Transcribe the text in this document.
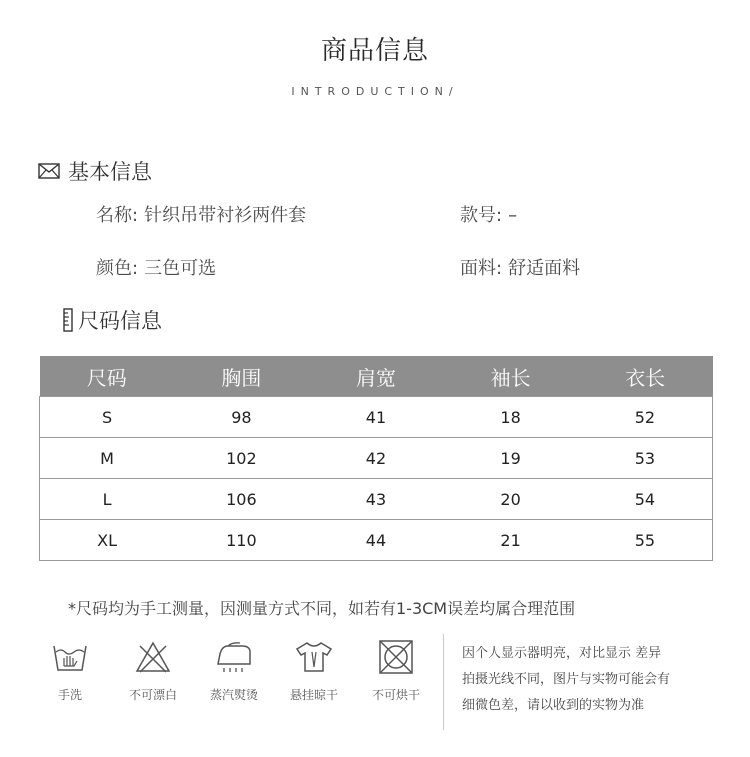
商品信息
INTRODUCTION/
基本信息
名称: 针织吊带衬衫两件套	款号: –
颜色: 三色可选	面料: 舒适面料
尺码信息
尺码	胸围	肩宽	袖长	衣长
S	98	41	18	52
M	102	42	19	53
L	106	43	20	54
XL	110	44	21	55
*尺码均为手工测量，因测量方式不同，如若有1-3CM误差均属合理范围
手洗	不可漂白	蒸汽熨烫	悬挂晾干	不可烘干
因个人显示器明亮，对比显示 差异
拍摄光线不同，图片与实物可能会有
细微色差，请以收到的实物为准
